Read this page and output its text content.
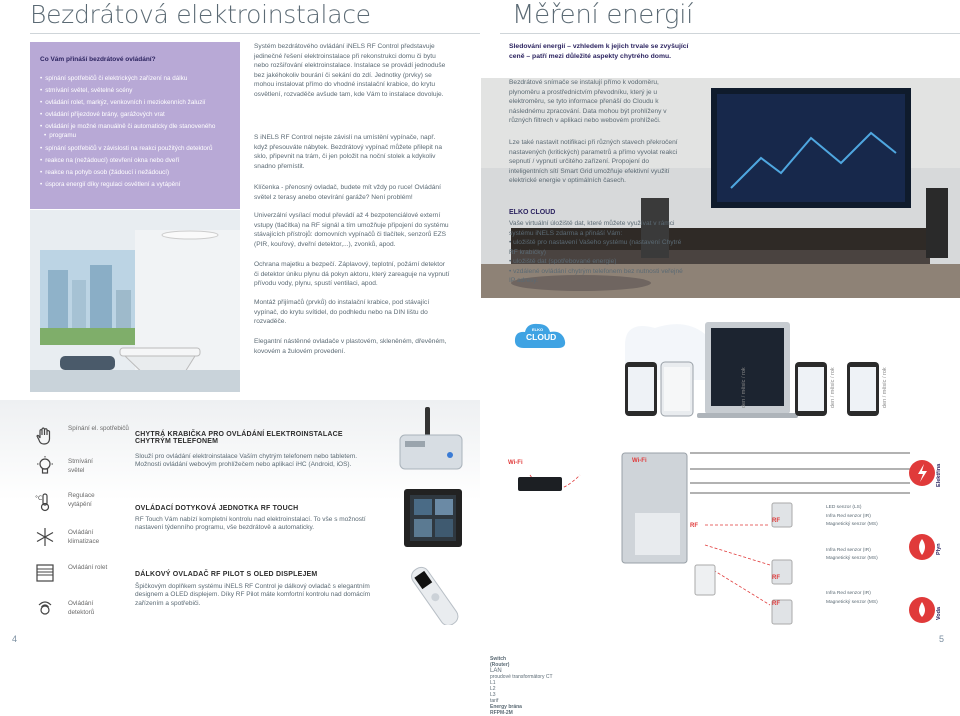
Bezdrátová elektroinstalace
Co Vám přináší bezdrátové ovládání?
• spínání spotřebičů či elektrických zařízení na dálku
• stmívání světel, světelné scény
• ovládání rolet, markýz, venkovních i meziokenních žaluzií
• ovládání příjezdové brány, garážových vrat
• ovládání je možné manuálně či automaticky dle stanoveného
• programu
• spínání spotřebičů v závislosti na reakci použitých detektorů
• reakce na (nežádoucí) otevření okna nebo dveří
• reakce na pohyb osob (žádoucí i nežádoucí)
• úspora energií díky regulaci osvětlení a vytápění
Systém bezdrátového ovládání iNELS RF Control představuje jedinečné řešení elektroinstalace při rekonstrukci domu či bytu nebo rozšiřování elektroinstalace. Instalace se provádí jednoduše bez jakéhokoliv bourání či sekání do zdí. Jednotky (prvky) se mohou instalovat přímo do vhodné instalační krabice, do krytu osvětlení, rozvaděče avšude tam, kde Vám to instalace dovoluje.
S iNELS RF Control nejste závislí na umístění vypínače, např. když přesouváte nábytek. Bezdrátový vypínač můžete přilepit na sklo, připevnit na trám, či jen položit na noční stolek a kdykoliv snadno přemístit.
Klíčenka - přenosný ovladač, budete mít vždy po ruce! Ovládání světel z terasy anebo otevírání garáže? Není problém!
Univerzální vysílací modul převádí až 4 bezpotenciálové externí vstupy (tlačítka) na RF signál a tím umožňuje připojení do systému stávajících přístrojů: domovních vypínačů či tlačítek, senzorů EZS (PIR, kouřový, dveřní detektor,...), zvonků, apod.
Ochrana majetku a bezpečí. Záplavový, teplotní, požární detektor či detektor úniku plynu dá pokyn aktoru, který zareaguje na vypnutí přívodu vody, plynu, spustí ventilaci, apod.
Montáž přijímačů (prvků) do instalační krabice, pod stávající vypínač, do krytu svítidel, do podhledu nebo na DIN lištu do rozvaděče.
Elegantní nástěnné ovladače v plastovém, skleněném, dřevěném, kovovém a žulovém provedení.
Spínání el. spotřebičů
Stmívání světel
°C	Regulace vytápění
Ovládání klimatizace
Ovládání rolet
Ovládání detektorů
CHYTRÁ KRABIČKA PRO OVLÁDÁNÍ ELEKTROINSTALACE CHYTRÝM TELEFONEM
Slouží pro ovládání elektroinstalace Vaším chytrým telefonem nebo tabletem. Možnosti ovládání webovým prohlížečem nebo aplikací iHC (Android, iOS).
OVLÁDACÍ DOTYKOVÁ JEDNOTKA RF TOUCH
RF Touch Vám nabízí kompletní kontrolu nad elektroinstalací. To vše s možností nastavení týdenního programu, vše bezdrátově a automaticky.
DÁLKOVÝ OVLADAČ RF PILOT S OLED DISPLEJEM
Špičkovým doplňkem systému iNELS RF Control je dálkový ovladač s elegantním designem a OLED displejem. Díky RF Pilot máte komfortní kontrolu nad domácím zařízením a spotřebiči.
4
Měření energií
Sledování energií – vzhledem k jejich trvale se zvyšující ceně – patří mezi důležité aspekty chytrého domu.
Bezdrátové snímače se instalují přímo k vodoměru, plynoměru a prostřednictvím převodníku, který je u elektroměru, se tyto informace přenáší do Cloudu k následnému zpracování. Data mohou být prohlíženy v různých filtrech v aplikaci nebo webovém prohlížeči.
Lze také nastavit notifikaci při různých stavech překročení nastavených (kritických) parametrů a přímo vyvolat reakci sepnutí / vypnutí určitého zařízení. Propojení do inteligentních sítí Smart Grid umožňuje efektivní využití elektrické energie v optimálních časech.
ELKO CLOUD
Vaše virtuální úložiště dat, které můžete využívat v rámci systému iNELS zdarma a přináší Vám:
• uložiště pro nastavení Vašeho systému (nastavení Chytré RF krabičky)
• uložiště dat (spotřebované energie)
• vzdálené ovládání chytrým telefonem bez nutnosti veřejné IP adresy.
ELKO
CLOUD
den / měsíc / rok	den / měsíc / rok	den / měsíc / rok
Wi-Fi	Wi-Fi
Switch
(Router)
LAN
RF
RF
RF
RF
proudové transformátory CT
L1
L2
L3
tarif
Energy brána
RFPM-2M
LED senzor (LS)
Infra Red senzor (IR)
Magnetický senzor (MS)
Infra Red senzor (IR)
Magnetický senzor (MS)
Infra Red senzor (IR)
Magnetický senzor (MS)
Elektřina
Plyn
Voda
5
